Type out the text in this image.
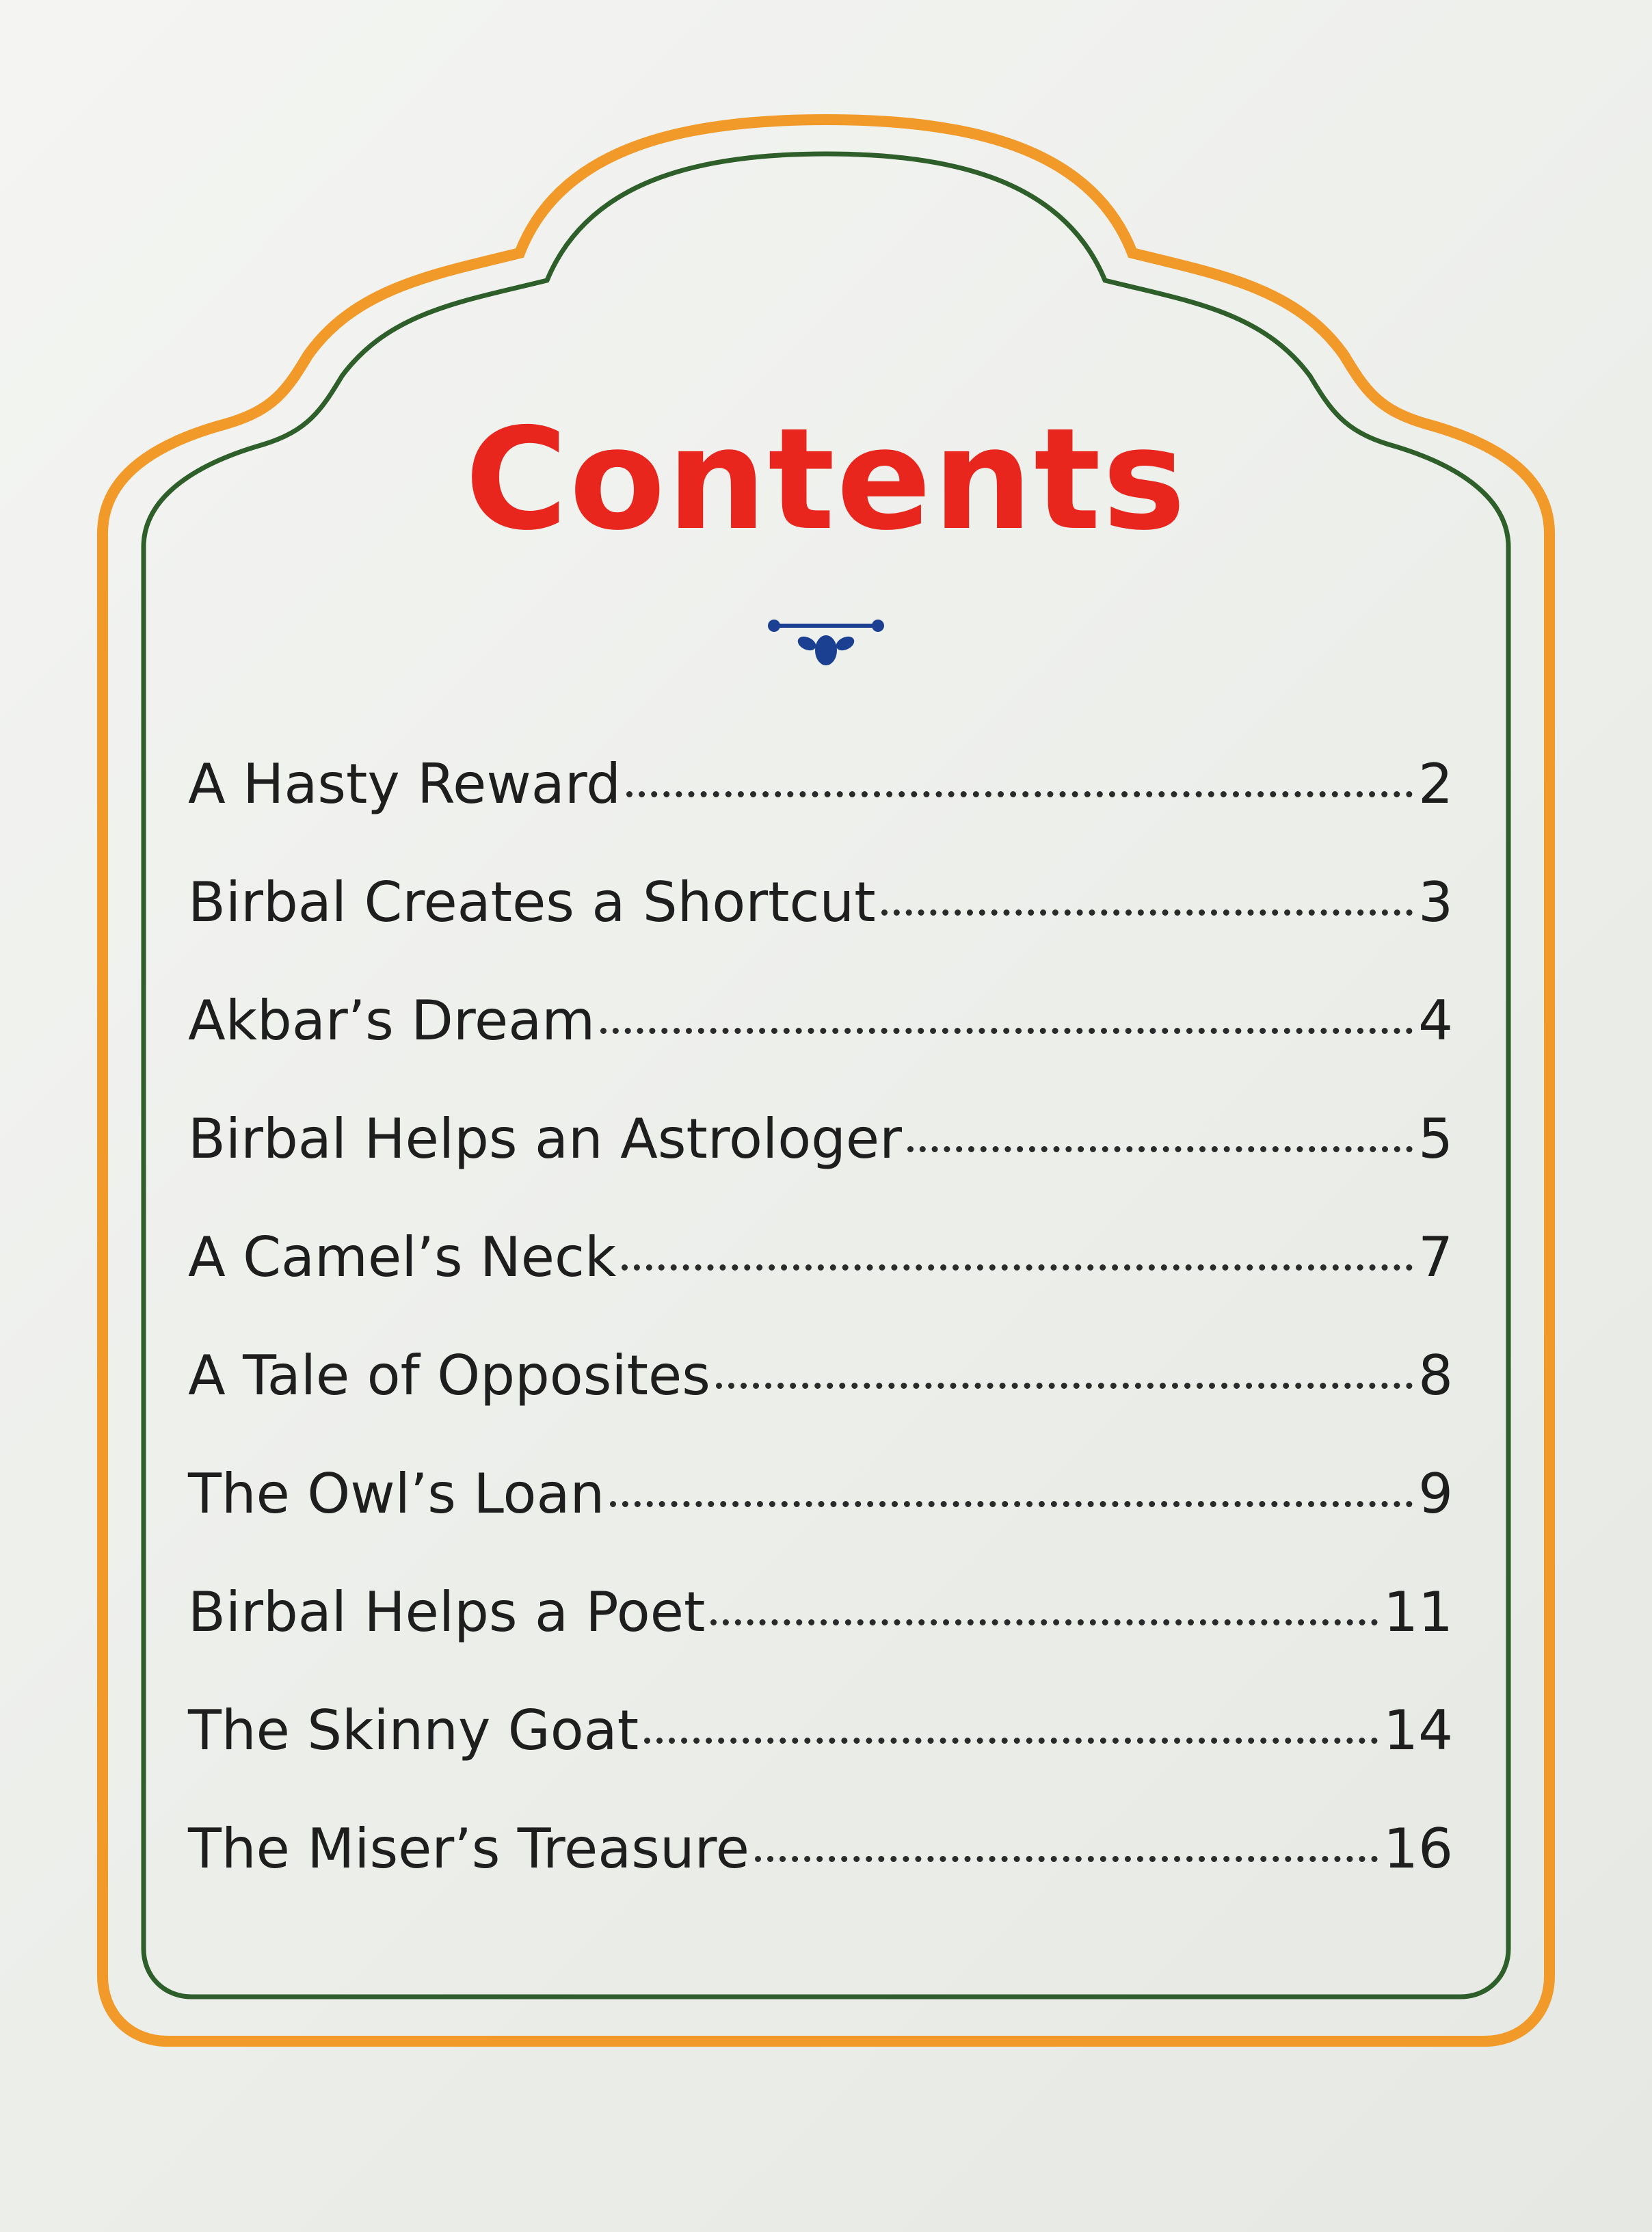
Contents
A Hasty Reward	2
Birbal Creates a Shortcut	3
Akbar’s Dream	4
Birbal Helps an Astrologer	5
A Camel’s Neck	7
A Tale of Opposites	8
The Owl’s Loan	9
Birbal Helps a Poet	11
The Skinny Goat	14
The Miser’s Treasure	16
